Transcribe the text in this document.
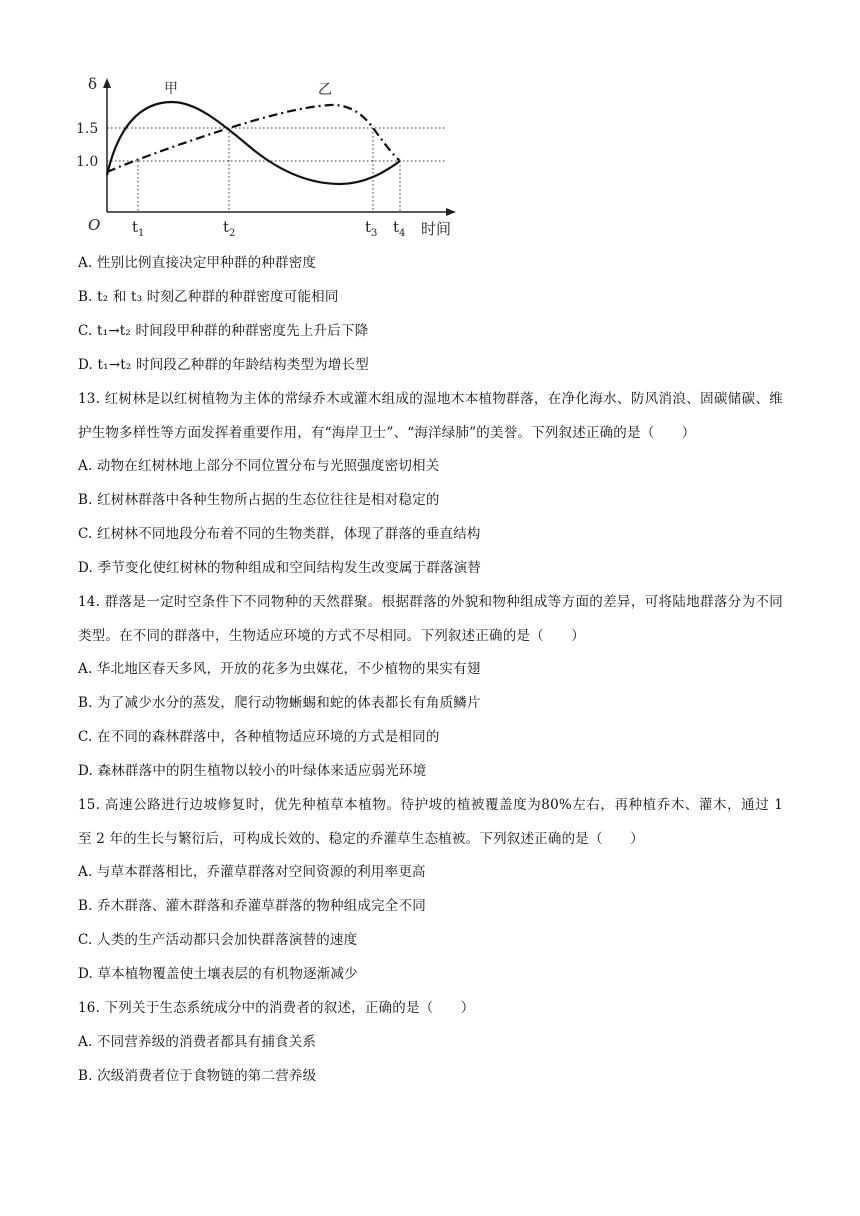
δ	甲	乙
1.5
1.0
O $t_1$	$t_2$	$t_3$ $t_4$ 时间
A. 性别比例直接决定甲种群的种群密度
B. t₂ 和 t₃ 时刻乙种群的种群密度可能相同
C. t₁→t₂ 时间段甲种群的种群密度先上升后下降
D. t₁→t₂ 时间段乙种群的年龄结构类型为增长型
13. 红树林是以红树植物为主体的常绿乔木或灌木组成的湿地木本植物群落，在净化海水、防风消浪、固碳储碳、维护生物多样性等方面发挥着重要作用，有“海岸卫士”、“海洋绿肺”的美誉。下列叙述正确的是（　　）
A. 动物在红树林地上部分不同位置分布与光照强度密切相关
B. 红树林群落中各种生物所占据的生态位往往是相对稳定的
C. 红树林不同地段分布着不同的生物类群，体现了群落的垂直结构
D. 季节变化使红树林的物种组成和空间结构发生改变属于群落演替
14. 群落是一定时空条件下不同物种的天然群聚。根据群落的外貌和物种组成等方面的差异，可将陆地群落分为不同类型。在不同的群落中，生物适应环境的方式不尽相同。下列叙述正确的是（　　）
A. 华北地区春天多风，开放的花多为虫媒花，不少植物的果实有翅
B. 为了减少水分的蒸发，爬行动物蜥蜴和蛇的体表都长有角质鳞片
C. 在不同的森林群落中，各种植物适应环境的方式是相同的
D. 森林群落中的阴生植物以较小的叶绿体来适应弱光环境
15. 高速公路进行边坡修复时，优先种植草本植物。待护坡的植被覆盖度为80%左右，再种植乔木、灌木，通过 1 至 2 年的生长与繁衍后，可构成长效的、稳定的乔灌草生态植被。下列叙述正确的是（　　）
A. 与草本群落相比，乔灌草群落对空间资源的利用率更高
B. 乔木群落、灌木群落和乔灌草群落的物种组成完全不同
C. 人类的生产活动都只会加快群落演替的速度
D. 草本植物覆盖使土壤表层的有机物逐渐减少
16. 下列关于生态系统成分中的消费者的叙述，正确的是（　　）
A. 不同营养级的消费者都具有捕食关系
B. 次级消费者位于食物链的第二营养级
